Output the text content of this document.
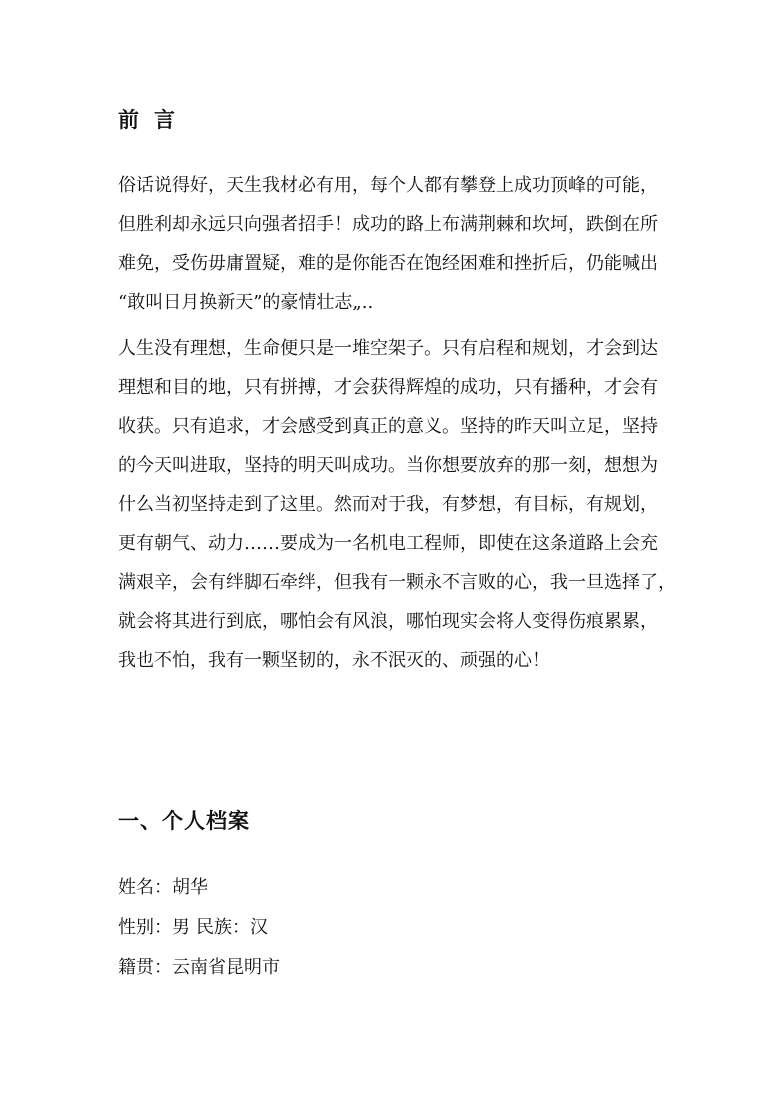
前 言

俗话说得好，天生我材必有用，每个人都有攀登上成功顶峰的可能，
但胜利却永远只向强者招手！成功的路上布满荆棘和坎坷，跌倒在所
难免，受伤毋庸置疑，难的是你能否在饱经困难和挫折后，仍能喊出
“敢叫日月换新天”的豪情壮志„..

人生没有理想，生命便只是一堆空架子。只有启程和规划，才会到达
理想和目的地，只有拼搏，才会获得辉煌的成功，只有播种，才会有
收获。只有追求，才会感受到真正的意义。坚持的昨天叫立足，坚持
的今天叫进取，坚持的明天叫成功。当你想要放弃的那一刻，想想为
什么当初坚持走到了这里。然而对于我，有梦想，有目标，有规划，
更有朝气、动力……要成为一名机电工程师，即使在这条道路上会充
满艰辛，会有绊脚石牵绊，但我有一颗永不言败的心，我一旦选择了，
就会将其进行到底，哪怕会有风浪，哪怕现实会将人变得伤痕累累，
我也不怕，我有一颗坚韧的，永不泯灭的、顽强的心！

一、个人档案
姓名：胡华
性别：男 民族：汉
籍贯：云南省昆明市
